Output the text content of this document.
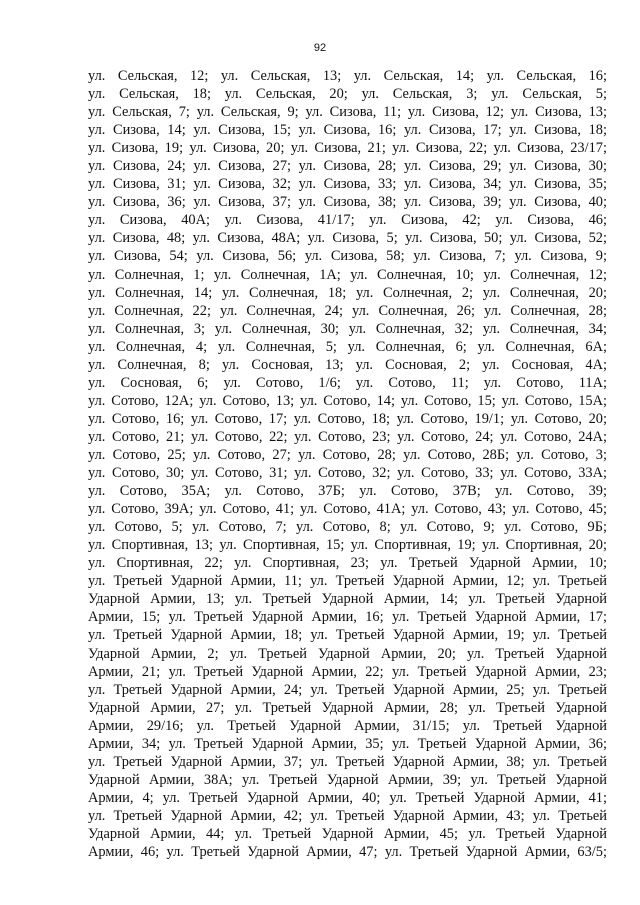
92
ул. Сельская, 12; ул. Сельская, 13; ул. Сельская, 14; ул. Сельская, 16;
ул. Сельская, 18; ул. Сельская, 20; ул. Сельская, 3; ул. Сельская, 5;
ул. Сельская, 7; ул. Сельская, 9; ул. Сизова, 11; ул. Сизова, 12; ул. Сизова, 13;
ул. Сизова, 14; ул. Сизова, 15; ул. Сизова, 16; ул. Сизова, 17; ул. Сизова, 18;
ул. Сизова, 19; ул. Сизова, 20; ул. Сизова, 21; ул. Сизова, 22; ул. Сизова, 23/17;
ул. Сизова, 24; ул. Сизова, 27; ул. Сизова, 28; ул. Сизова, 29; ул. Сизова, 30;
ул. Сизова, 31; ул. Сизова, 32; ул. Сизова, 33; ул. Сизова, 34; ул. Сизова, 35;
ул. Сизова, 36; ул. Сизова, 37; ул. Сизова, 38; ул. Сизова, 39; ул. Сизова, 40;
ул. Сизова, 40А; ул. Сизова, 41/17; ул. Сизова, 42; ул. Сизова, 46;
ул. Сизова, 48; ул. Сизова, 48А; ул. Сизова, 5; ул. Сизова, 50; ул. Сизова, 52;
ул. Сизова, 54; ул. Сизова, 56; ул. Сизова, 58; ул. Сизова, 7; ул. Сизова, 9;
ул. Солнечная, 1; ул. Солнечная, 1А; ул. Солнечная, 10; ул. Солнечная, 12;
ул. Солнечная, 14; ул. Солнечная, 18; ул. Солнечная, 2; ул. Солнечная, 20;
ул. Солнечная, 22; ул. Солнечная, 24; ул. Солнечная, 26; ул. Солнечная, 28;
ул. Солнечная, 3; ул. Солнечная, 30; ул. Солнечная, 32; ул. Солнечная, 34;
ул. Солнечная, 4; ул. Солнечная, 5; ул. Солнечная, 6; ул. Солнечная, 6А;
ул. Солнечная, 8; ул. Сосновая, 13; ул. Сосновая, 2; ул. Сосновая, 4А;
ул. Сосновая, 6; ул. Сотово, 1/6; ул. Сотово, 11; ул. Сотово, 11А;
ул. Сотово, 12А; ул. Сотово, 13; ул. Сотово, 14; ул. Сотово, 15; ул. Сотово, 15А;
ул. Сотово, 16; ул. Сотово, 17; ул. Сотово, 18; ул. Сотово, 19/1; ул. Сотово, 20;
ул. Сотово, 21; ул. Сотово, 22; ул. Сотово, 23; ул. Сотово, 24; ул. Сотово, 24А;
ул. Сотово, 25; ул. Сотово, 27; ул. Сотово, 28; ул. Сотово, 28Б; ул. Сотово, 3;
ул. Сотово, 30; ул. Сотово, 31; ул. Сотово, 32; ул. Сотово, 33; ул. Сотово, 33А;
ул. Сотово, 35А; ул. Сотово, 37Б; ул. Сотово, 37В; ул. Сотово, 39;
ул. Сотово, 39А; ул. Сотово, 41; ул. Сотово, 41А; ул. Сотово, 43; ул. Сотово, 45;
ул. Сотово, 5; ул. Сотово, 7; ул. Сотово, 8; ул. Сотово, 9; ул. Сотово, 9Б;
ул. Спортивная, 13; ул. Спортивная, 15; ул. Спортивная, 19; ул. Спортивная, 20;
ул. Спортивная, 22; ул. Спортивная, 23; ул. Третьей Ударной Армии, 10;
ул. Третьей Ударной Армии, 11; ул. Третьей Ударной Армии, 12; ул. Третьей
Ударной Армии, 13; ул. Третьей Ударной Армии, 14; ул. Третьей Ударной
Армии, 15; ул. Третьей Ударной Армии, 16; ул. Третьей Ударной Армии, 17;
ул. Третьей Ударной Армии, 18; ул. Третьей Ударной Армии, 19; ул. Третьей
Ударной Армии, 2; ул. Третьей Ударной Армии, 20; ул. Третьей Ударной
Армии, 21; ул. Третьей Ударной Армии, 22; ул. Третьей Ударной Армии, 23;
ул. Третьей Ударной Армии, 24; ул. Третьей Ударной Армии, 25; ул. Третьей
Ударной Армии, 27; ул. Третьей Ударной Армии, 28; ул. Третьей Ударной
Армии, 29/16; ул. Третьей Ударной Армии, 31/15; ул. Третьей Ударной
Армии, 34; ул. Третьей Ударной Армии, 35; ул. Третьей Ударной Армии, 36;
ул. Третьей Ударной Армии, 37; ул. Третьей Ударной Армии, 38; ул. Третьей
Ударной Армии, 38А; ул. Третьей Ударной Армии, 39; ул. Третьей Ударной
Армии, 4; ул. Третьей Ударной Армии, 40; ул. Третьей Ударной Армии, 41;
ул. Третьей Ударной Армии, 42; ул. Третьей Ударной Армии, 43; ул. Третьей
Ударной Армии, 44; ул. Третьей Ударной Армии, 45; ул. Третьей Ударной
Армии, 46; ул. Третьей Ударной Армии, 47; ул. Третьей Ударной Армии, 63/5;
